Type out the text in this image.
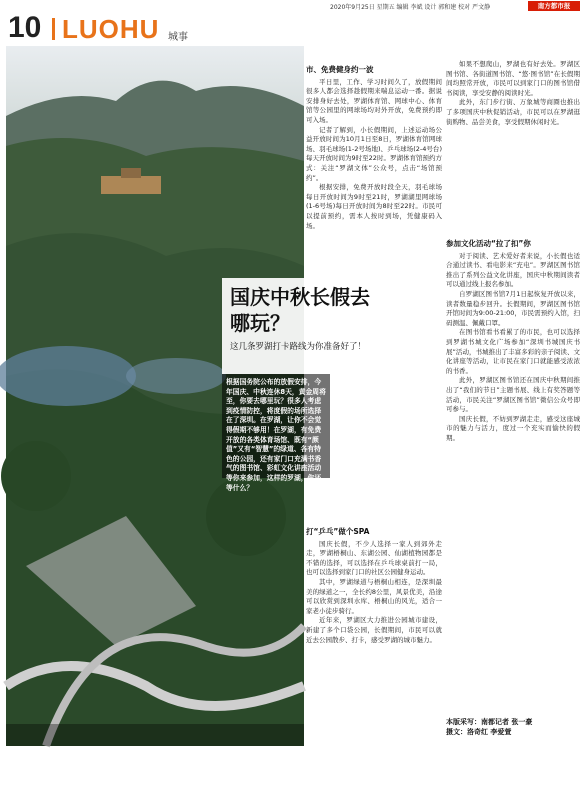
2020年9月25日 星期五 编辑 李斌 设计 郭和建 校对 严文静	南方都市报
10 LUOHU 城事
摩俊鸿(梧桐山色) 罗湖摄影学会供图
国庆中秋长假去哪玩？
这几条罗湖打卡路线为你准备好了！
根据国务院公布的放假安排，今年国庆、中秋连休8天，黄金周将至，你要去哪里玩？很多人考虑到疫情防控，将度假的场所选择在了深圳。在罗湖，让你不会觉得假期不够用！在罗湖，有免费开放的各类体育场馆、既有“颜值”又有“智慧”的绿道、各有特色的公园，还有家门口充满书香气的图书馆、彩虹文化讲座活动等你来参加，这样的罗湖，你还等什么？
市、免费健身约一波

平日里，工作、学习时间久了，放假期间很多人都会选择趁假期来喘息运动一番。据说安排身好去处，罗湖体育馆、网球中心、体育馆等公园里的网球场均对外开放，免费预约即可入场。

记者了解到，小长假期间，上述运动场公益开放时间为10月1日至8日，罗湖体育馆网球场、羽毛球场(1-2号场地)、乒乓球场(2-4号台)每天开放时间为9时至22时。罗湖体育馆预约方式：关注“罗湖文体”公众号，点击“场馆预约”。

根据安排，免费开放时段全天，羽毛球场每日开放时间为9时至21时，罗湖湖里网球场(1-6号场)每日开放时间为8时至22时。市民可以提前预约，需本人按时到场，凭健康码入场。

打“乒乓”做个SPA

国庆长假，不少人选择一家人到郊外走走，罗湖梧桐山、东湖公园、仙湖植物园都是不错的选择，可以选择在乒乓球桌前打一局，也可以选择到家门口的社区公园健身运动。

其中，罗湖绿道与梧桐山相连，是深圳最美的绿道之一，全长约8公里，风景优美，沿途可以欣赏到深圳水库、梧桐山的风光，适合一家老小徒步骑行。

近年来，罗湖区大力推进公园城市建设，新建了多个口袋公园，长假期间，市民可以就近去公园散步、打卡，感受罗湖的城市魅力。

如果不想爬山，罗湖也有好去处。罗湖区图书馆、各街道图书馆、“悠·图书馆”在长假期间均照常开放，市民可以到家门口的图书馆借书阅读，享受安静的阅读时光。

此外，东门步行街、万象城等商圈也推出了多项国庆中秋促销活动，市民可以在罗湖逛街购物、品尝美食，享受假期休闲时光。

参加文化活动“拉了扣”你

对于阅读、艺术爱好者来说，小长假也适合通过读书、看电影来“充电”。罗湖区图书馆推出了系列公益文化讲座，国庆中秋期间读者可以通过线上报名参加。

自罗湖区图书馆7月1日起恢复开放以来，读者数量稳步回升。长假期间，罗湖区图书馆开馆时间为9:00-21:00，市民需预约入馆，扫码测温、佩戴口罩。

在图书馆看书看累了的市民，也可以选择到罗湖书城文化广场参加“深圳书城国庆书展”活动，书城推出了丰富多彩的亲子阅读、文化讲座等活动，让市民在家门口就能感受浓浓的书香。

此外，罗湖区图书馆还在国庆中秋期间推出了“我们的节日”主题书展、线上有奖答题等活动，市民关注“罗湖区图书馆”微信公众号即可参与。

国庆长假，不妨到罗湖走走，感受这座城市的魅力与活力，度过一个充实而愉快的假期。

本版采写：南都记者 张一豪
摄文：洛奇红 李爱萱
